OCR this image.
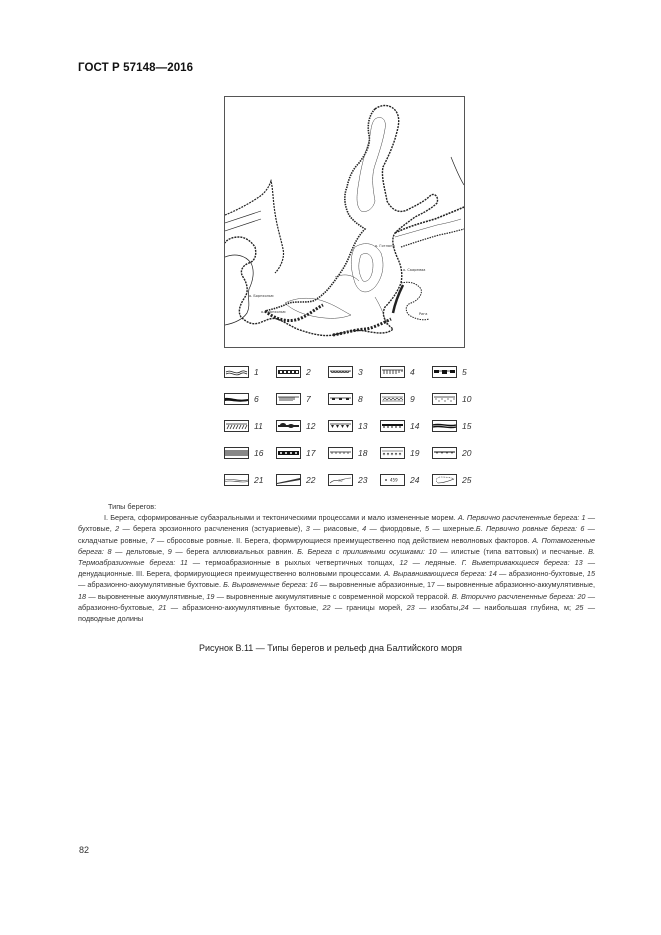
ГОСТ Р 57148—2016
о. Борнхольм
о. Борнхольм
о. Готланд
о. Сааремаа
Рига
1	2	3	4	5
6	7	8	9	10
11	12	13	14	15
16	17	18	19	20
21	22	70 23	459 24	25
Типы берегов:
I. Берега, сформированные субаэральными и тектоническими процессами и мало измененные морем. А. Первично расчлененные берега: 1 — бухтовые, 2 — берега эрозионного расчленения (эстуариевые), 3 — риасовые, 4 — фиордовые, 5 — шхерные.Б. Первично ровные берега: 6 — складчатые ровные, 7 — сбросовые ровные. II. Берега, формирующиеся преимущественно под действием неволновых факторов. А. Потамогенные берега: 8 — дельтовые, 9 — берега аллювиальных равнин. Б. Берега с приливными осушками: 10 — илистые (типа ваттовых) и песчаные. В. Термоабразионные берега: 11 — термоабразионные в рыхлых четвертичных толщах, 12 — ледяные. Г. Выветривающиеся берега: 13 — денудационные. III. Берега, формирующиеся преимущественно волновыми процессами. А. Выравнивающиеся берега: 14 — абразионно-бухтовые, 15 — абразионно-аккумулятивные бухтовые. Б. Выровненные берега: 16 — выровненные абразионные, 17 — выровненные абразионно-аккумулятивные, 18 — выровненные аккумулятивные, 19 — выровненные аккумулятивные с современной морской террасой. В. Вторично расчлененные берега: 20 — абразионно-бухтовые, 21 — абразионно-аккумулятивные бухтовые, 22 — границы морей, 23 — изобаты,24 — наибольшая глубина, м; 25 — подводные долины
Рисунок В.11 — Типы берегов и рельеф дна Балтийского моря
82
